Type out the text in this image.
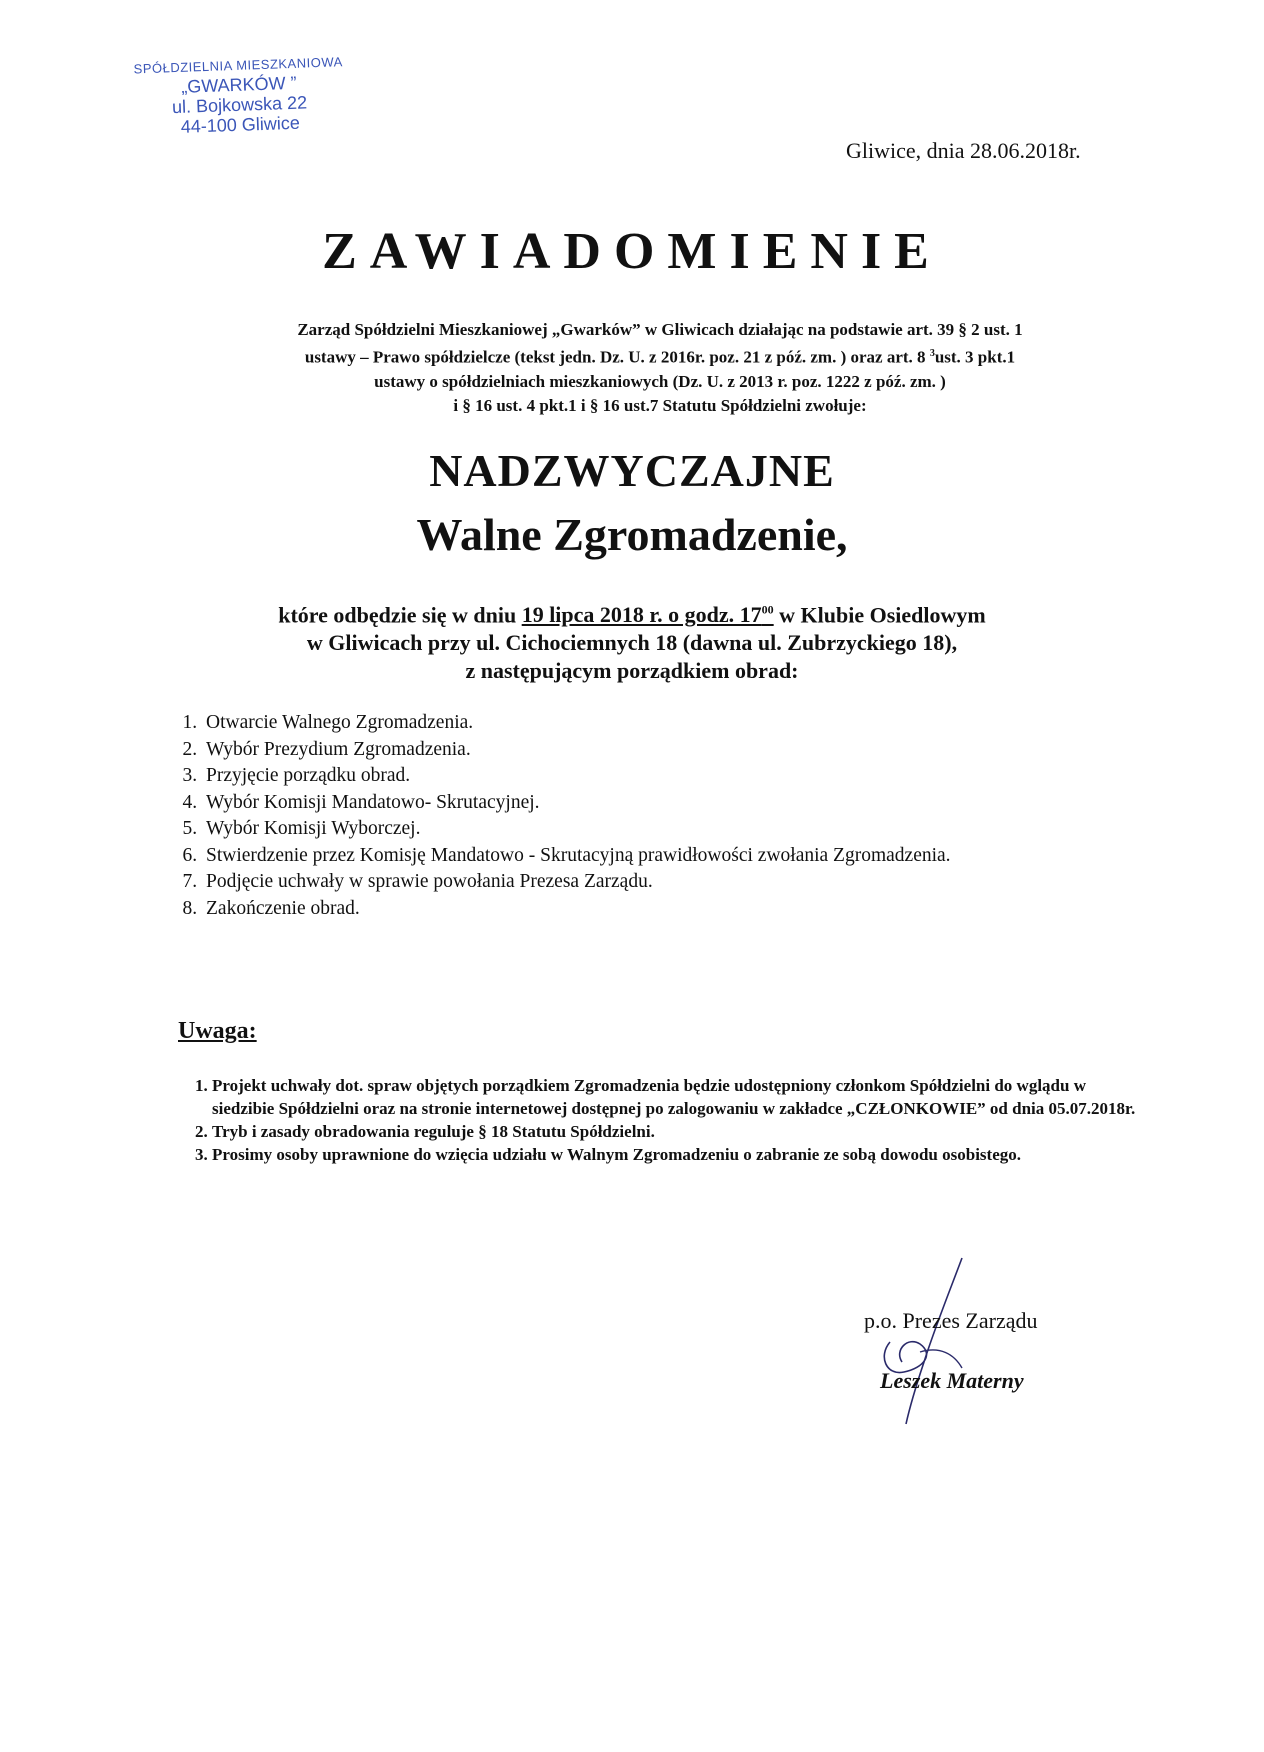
SPÓŁDZIELNIA MIESZKANIOWA
„GWARKÓW ”
ul. Bojkowska 22
44-100 Gliwice
Gliwice, dnia 28.06.2018r.
ZAWIADOMIENIE
Zarząd Spółdzielni Mieszkaniowej „Gwarków” w Gliwicach działając na podstawie art. 39 § 2 ust. 1
ustawy – Prawo spółdzielcze (tekst jedn. Dz. U. z 2016r. poz. 21 z póź. zm. ) oraz art. 8 $^3$ust. 3 pkt.1
ustawy o spółdzielniach mieszkaniowych (Dz. U. z 2013 r. poz. 1222 z póź. zm. )
i § 16 ust. 4 pkt.1 i § 16 ust.7 Statutu Spółdzielni zwołuje:
NADZWYCZAJNE
Walne Zgromadzenie,
które odbędzie się w dniu 19 lipca 2018 r. o godz. $17^{00}$ w Klubie Osiedlowym
w Gliwicach przy ul. Cichociemnych 18 (dawna ul. Zubrzyckiego 18),
z następującym porządkiem obrad:
1. Otwarcie Walnego Zgromadzenia.
2. Wybór Prezydium Zgromadzenia.
3. Przyjęcie porządku obrad.
4. Wybór Komisji Mandatowo- Skrutacyjnej.
5. Wybór Komisji Wyborczej.
6. Stwierdzenie przez Komisję Mandatowo - Skrutacyjną prawidłowości zwołania Zgromadzenia.
7. Podjęcie uchwały w sprawie powołania Prezesa Zarządu.
8. Zakończenie obrad.
Uwaga:
1. Projekt uchwały dot. spraw objętych porządkiem Zgromadzenia będzie udostępniony członkom Spółdzielni do wglądu w siedzibie Spółdzielni oraz na stronie internetowej dostępnej po zalogowaniu w zakładce „CZŁONKOWIE” od dnia 05.07.2018r.
2. Tryb i zasady obradowania reguluje § 18 Statutu Spółdzielni.
3. Prosimy osoby uprawnione do wzięcia udziału w Walnym Zgromadzeniu o zabranie ze sobą dowodu osobistego.
p.o. Prezes Zarządu
Leszek Materny
